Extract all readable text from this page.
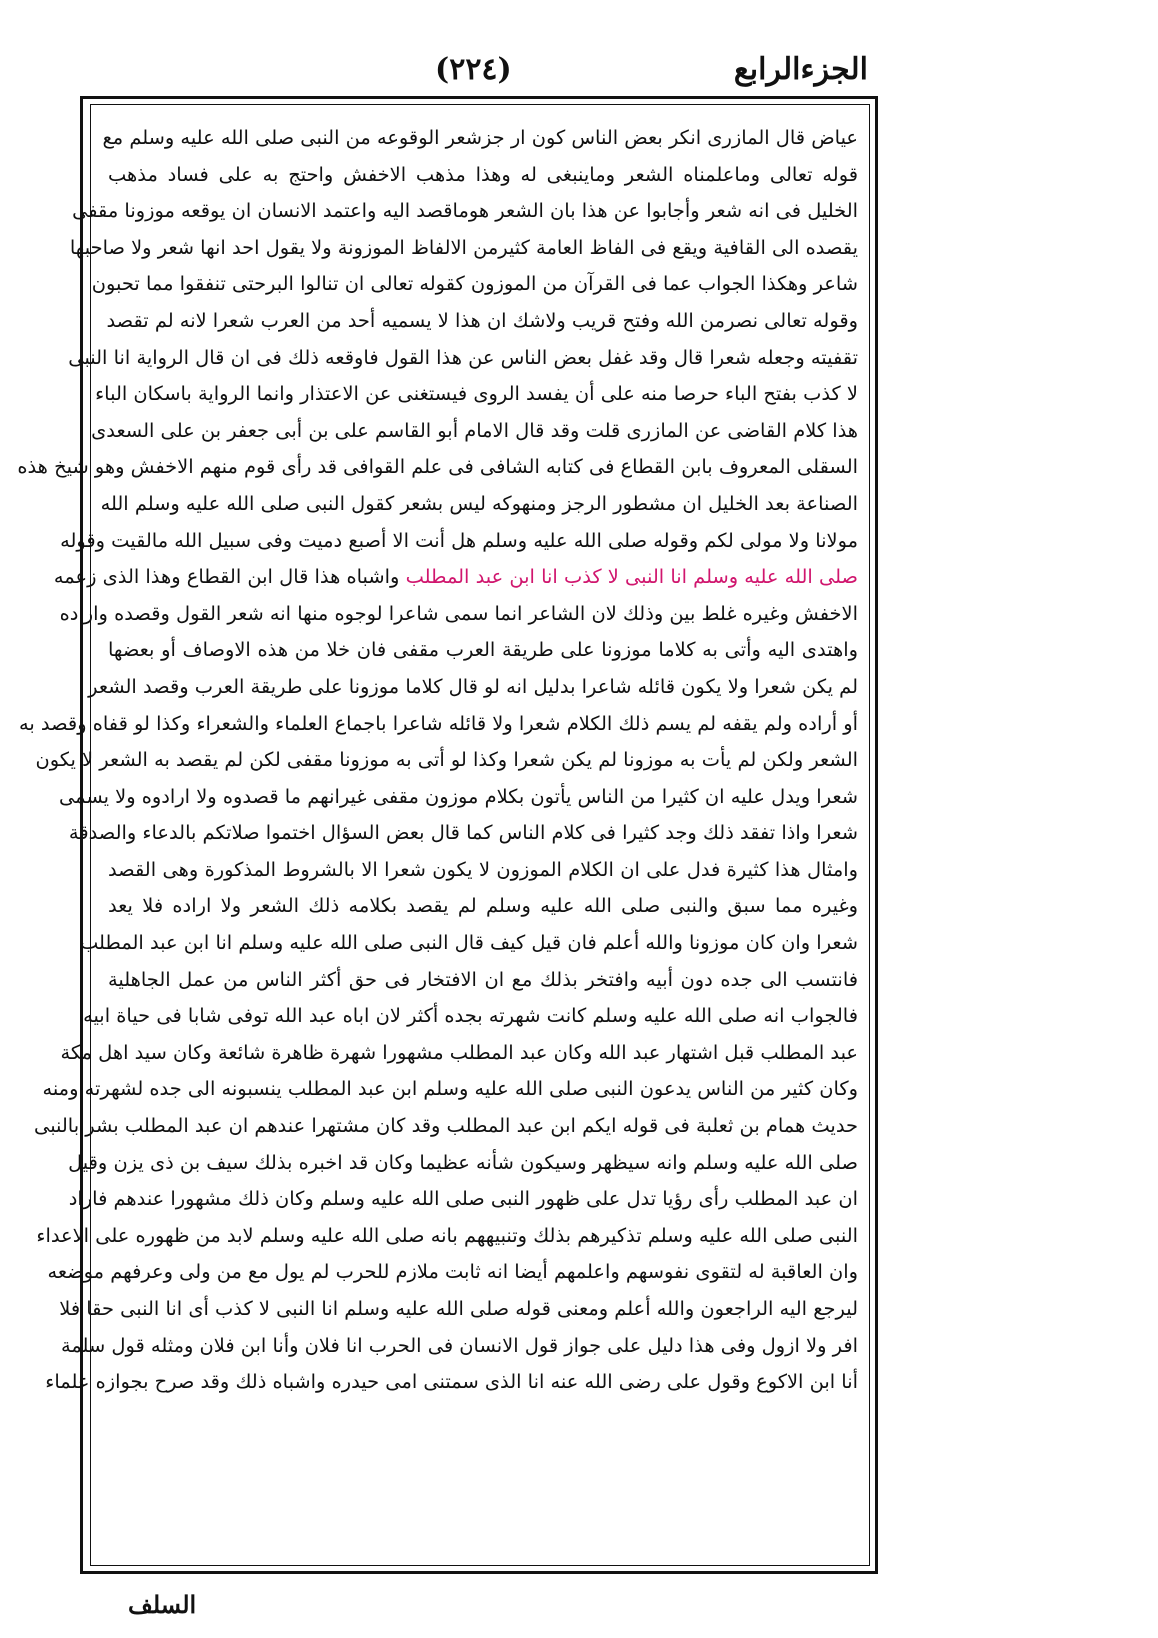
الجزءالرابع
(٢٢٤)
عياض قال المازرى انكر بعض الناس كون ار جزشعر الوقوعه من النبى صلى الله عليه وسلم مع
قوله تعالى وماعلمناه الشعر وماينبغى له وهذا مذهب الاخفش واحتج به على فساد مذهب
الخليل فى انه شعر وأجابوا عن هذا بان الشعر هوماقصد اليه واعتمد الانسان ان يوقعه موزونا مقفى
يقصده الى القافية ويقع فى الفاظ العامة كثيرمن الالفاظ الموزونة ولا يقول احد انها شعر ولا صاحبها
شاعر وهكذا الجواب عما فى القرآن من الموزون كقوله تعالى ان تنالوا البرحتى تنفقوا مما تحبون
وقوله تعالى نصرمن الله وفتح قريب ولاشك ان هذا لا يسميه أحد من العرب شعرا لانه لم تقصد
تقفيته وجعله شعرا قال وقد غفل بعض الناس عن هذا القول فاوقعه ذلك فى ان قال الرواية انا النبى
لا كذب بفتح الباء حرصا منه على أن يفسد الروى فيستغنى عن الاعتذار وانما الرواية باسكان الباء
هذا كلام القاضى عن المازرى قلت وقد قال الامام أبو القاسم على بن أبى جعفر بن على السعدى
السقلى المعروف بابن القطاع فى كتابه الشافى فى علم القوافى قد رأى قوم منهم الاخفش وهو شيخ هذه
الصناعة بعد الخليل ان مشطور الرجز ومنهوكه ليس بشعر كقول النبى صلى الله عليه وسلم الله
مولانا ولا مولى لكم وقوله صلى الله عليه وسلم هل أنت الا أصبع دميت وفى سبيل الله مالقيت وقوله
صلى الله عليه وسلم انا النبى لا كذب انا ابن عبد المطلب واشباه هذا قال ابن القطاع وهذا الذى زعمه
الاخفش وغيره غلط بين وذلك لان الشاعر انما سمى شاعرا لوجوه منها انه شعر القول وقصده واراده
واهتدى اليه وأتى به كلاما موزونا على طريقة العرب مقفى فان خلا من هذه الاوصاف أو بعضها
لم يكن شعرا ولا يكون قائله شاعرا بدليل انه لو قال كلاما موزونا على طريقة العرب وقصد الشعر
أو أراده ولم يقفه لم يسم ذلك الكلام شعرا ولا قائله شاعرا باجماع العلماء والشعراء وكذا لو قفاه وقصد به
الشعر ولكن لم يأت به موزونا لم يكن شعرا وكذا لو أتى به موزونا مقفى لكن لم يقصد به الشعر لا يكون
شعرا ويدل عليه ان كثيرا من الناس يأتون بكلام موزون مقفى غيرانهم ما قصدوه ولا ارادوه ولا يسمى
شعرا واذا تفقد ذلك وجد كثيرا فى كلام الناس كما قال بعض السؤال اختموا صلاتكم بالدعاء والصدقة
وامثال هذا كثيرة فدل على ان الكلام الموزون لا يكون شعرا الا بالشروط المذكورة وهى القصد
وغيره مما سبق والنبى صلى الله عليه وسلم لم يقصد بكلامه ذلك الشعر ولا اراده فلا يعد
شعرا وان كان موزونا والله أعلم فان قيل كيف قال النبى صلى الله عليه وسلم انا ابن عبد المطلب
فانتسب الى جده دون أبيه وافتخر بذلك مع ان الافتخار فى حق أكثر الناس من عمل الجاهلية
فالجواب انه صلى الله عليه وسلم كانت شهرته بجده أكثر لان اباه عبد الله توفى شابا فى حياة ابيه
عبد المطلب قبل اشتهار عبد الله وكان عبد المطلب مشهورا شهرة ظاهرة شائعة وكان سيد اهل مكة
وكان كثير من الناس يدعون النبى صلى الله عليه وسلم ابن عبد المطلب ينسبونه الى جده لشهرته ومنه
حديث همام بن ثعلبة فى قوله ايكم ابن عبد المطلب وقد كان مشتهرا عندهم ان عبد المطلب بشر بالنبى
صلى الله عليه وسلم وانه سيظهر وسيكون شأنه عظيما وكان قد اخبره بذلك سيف بن ذى يزن وقيل
ان عبد المطلب رأى رؤيا تدل على ظهور النبى صلى الله عليه وسلم وكان ذلك مشهورا عندهم فاراد
النبى صلى الله عليه وسلم تذكيرهم بذلك وتنبيههم بانه صلى الله عليه وسلم لابد من ظهوره على الاعداء
وان العاقبة له لتقوى نفوسهم واعلمهم أيضا انه ثابت ملازم للحرب لم يول مع من ولى وعرفهم موضعه
ليرجع اليه الراجعون والله أعلم ومعنى قوله صلى الله عليه وسلم انا النبى لا كذب أى انا النبى حقا فلا
افر ولا ازول وفى هذا دليل على جواز قول الانسان فى الحرب انا فلان وأنا ابن فلان ومثله قول سلمة
أنا ابن الاكوع وقول على رضى الله عنه انا الذى سمتنى امى حيدره واشباه ذلك وقد صرح بجوازه علماء
السلف
